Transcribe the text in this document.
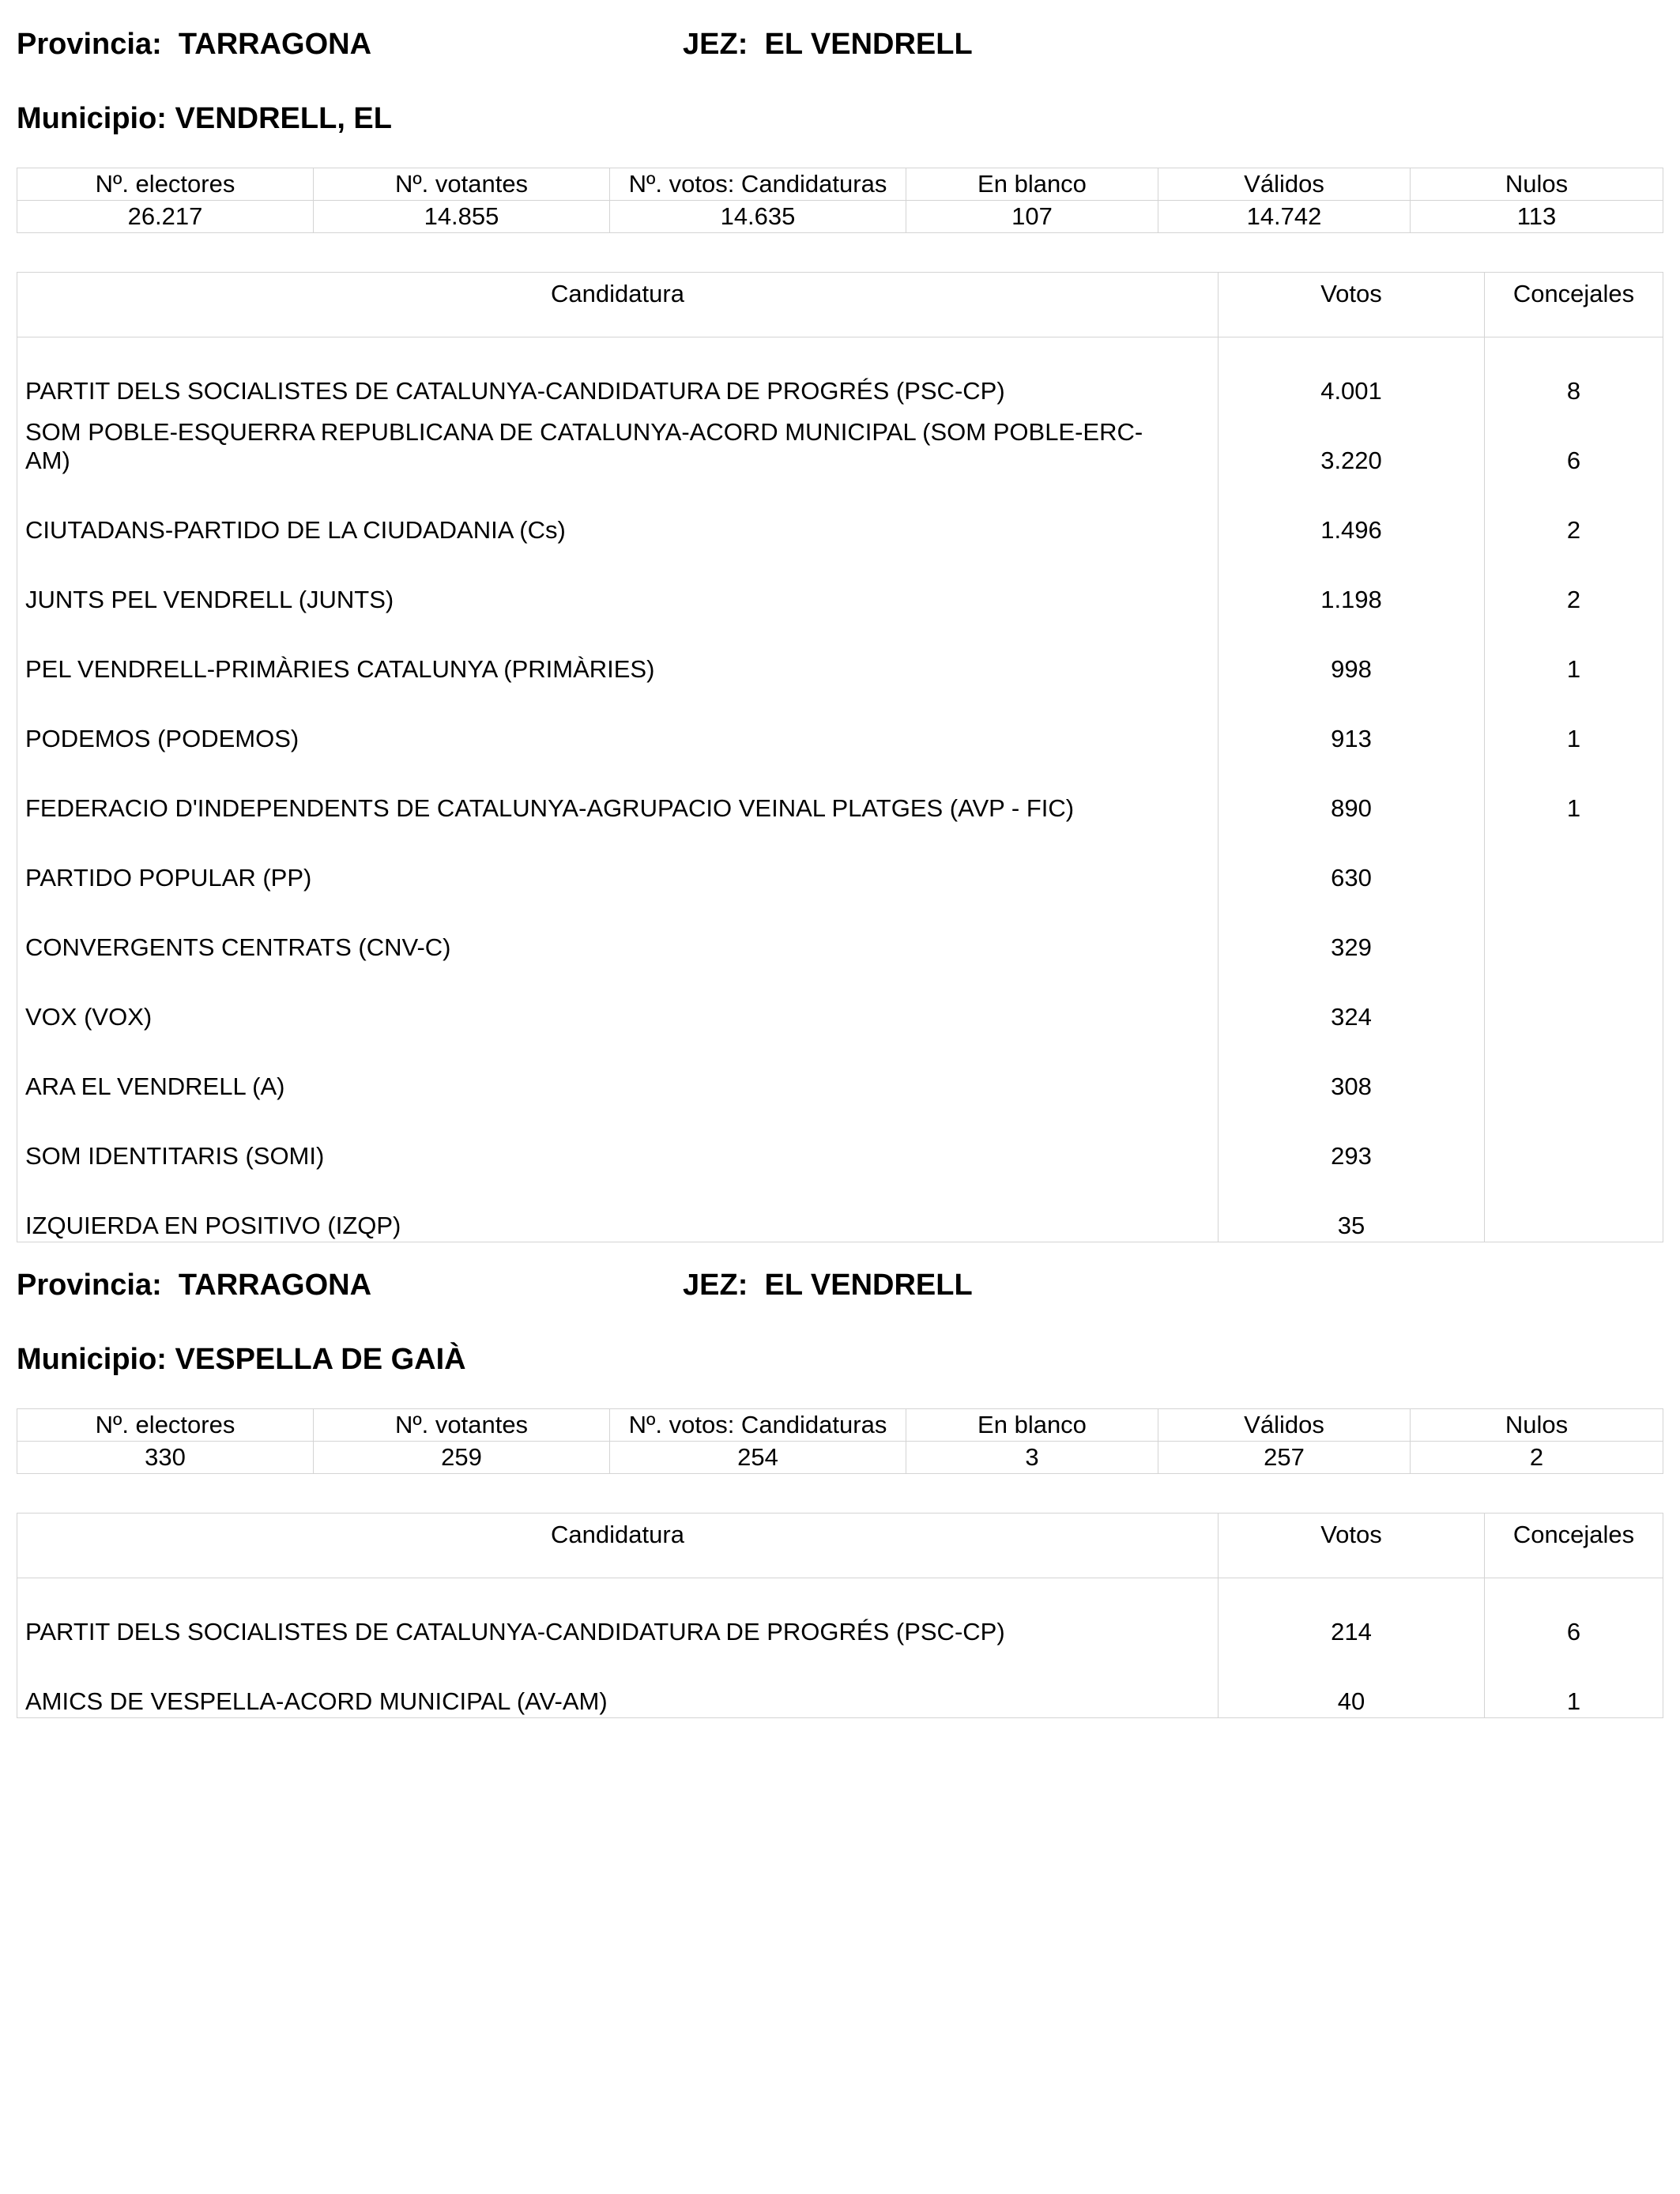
Provincia: TARRAGONA	JEZ: EL VENDRELL
Municipio: VENDRELL, EL
Nº. electores	Nº. votantes	Nº. votos: Candidaturas	En blanco	Válidos	Nulos
26.217	14.855	14.635	107	14.742	113
Candidatura	Votos	Concejales
PARTIT DELS SOCIALISTES DE CATALUNYA-CANDIDATURA DE PROGRÉS (PSC-CP)	4.001	8
SOM POBLE-ESQUERRA REPUBLICANA DE CATALUNYA-ACORD MUNICIPAL (SOM POBLE-ERC-AM)	3.220	6
CIUTADANS-PARTIDO DE LA CIUDADANIA (Cs)	1.496	2
JUNTS PEL VENDRELL (JUNTS)	1.198	2
PEL VENDRELL-PRIMÀRIES CATALUNYA (PRIMÀRIES)	998	1
PODEMOS (PODEMOS)	913	1
FEDERACIO D'INDEPENDENTS DE CATALUNYA-AGRUPACIO VEINAL PLATGES (AVP - FIC)	890	1
PARTIDO POPULAR (PP)	630	
CONVERGENTS CENTRATS (CNV-C)	329	
VOX (VOX)	324	
ARA EL VENDRELL (A)	308	
SOM IDENTITARIS (SOMI)	293	
IZQUIERDA EN POSITIVO (IZQP)	35	
Provincia: TARRAGONA	JEZ: EL VENDRELL
Municipio: VESPELLA DE GAIÀ
Nº. electores	Nº. votantes	Nº. votos: Candidaturas	En blanco	Válidos	Nulos
330	259	254	3	257	2
Candidatura	Votos	Concejales
PARTIT DELS SOCIALISTES DE CATALUNYA-CANDIDATURA DE PROGRÉS (PSC-CP)	214	6
AMICS DE VESPELLA-ACORD MUNICIPAL (AV-AM)	40	1
